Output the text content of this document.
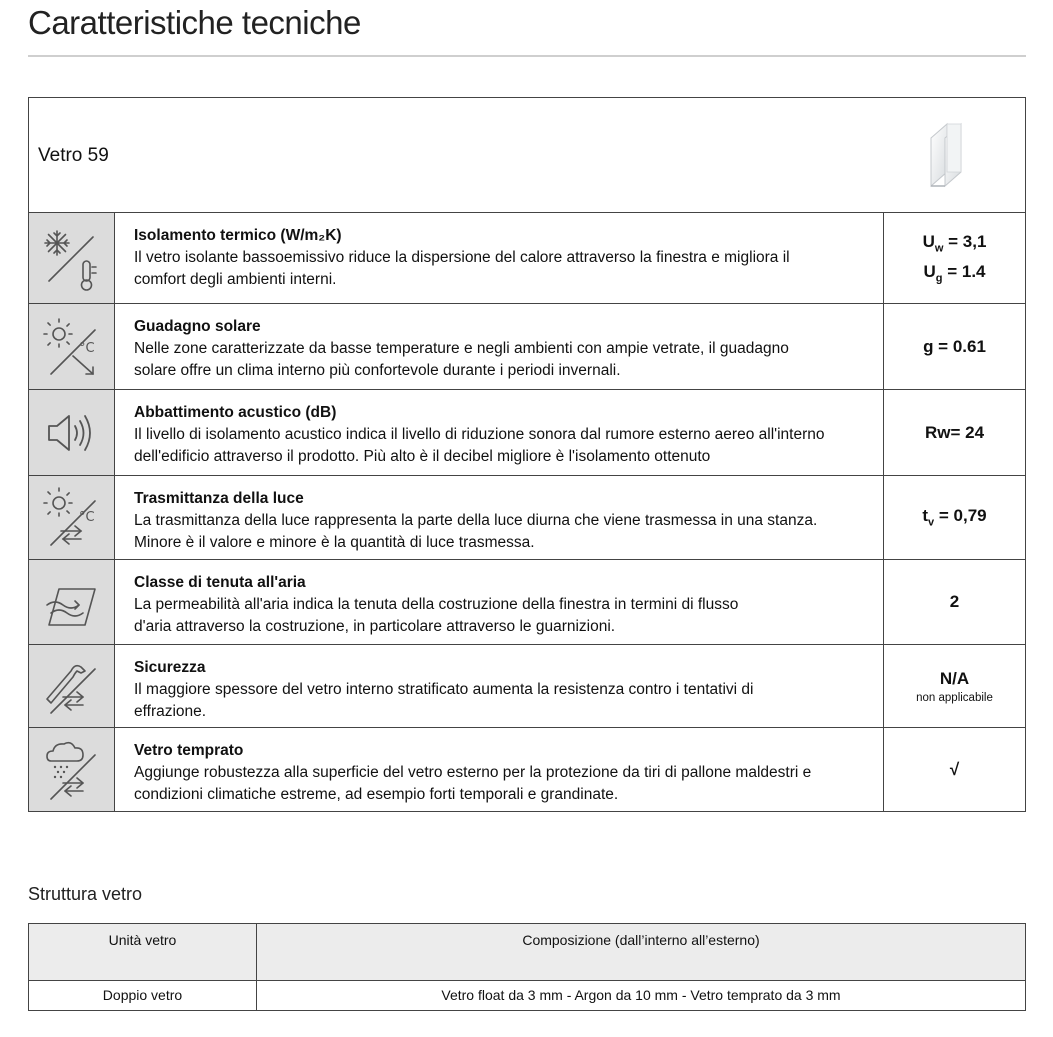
Caratteristiche tecniche
Vetro 59
Isolamento termico (W/m₂K)
Il vetro isolante bassoemissivo riduce la dispersione del calore attraverso la finestra e migliora il
comfort degli ambienti interni.
$U_w = 3,1$
$U_g = 1.4$
°C
Guadagno solare
Nelle zone caratterizzate da basse temperature e negli ambienti con ampie vetrate, il guadagno
solare offre un clima interno più confortevole durante i periodi invernali.
g = 0.61
Abbattimento acustico (dB)
Il livello di isolamento acustico indica il livello di riduzione sonora dal rumore esterno aereo all'interno
dell'edificio attraverso il prodotto. Più alto è il decibel migliore è l'isolamento ottenuto
Rw= 24
°C
Trasmittanza della luce
La trasmittanza della luce rappresenta la parte della luce diurna che viene trasmessa in una stanza.
Minore è il valore e minore è la quantità di luce trasmessa.
$t_v = 0,79$
Classe di tenuta all'aria
La permeabilità all'aria indica la tenuta della costruzione della finestra in termini di flusso
d'aria attraverso la costruzione, in particolare attraverso le guarnizioni.
2
Sicurezza
Il maggiore spessore del vetro interno stratificato aumenta la resistenza contro i tentativi di
effrazione.
N/A
non applicabile
Vetro temprato
Aggiunge robustezza alla superficie del vetro esterno per la protezione da tiri di pallone maldestri e
condizioni climatiche estreme, ad esempio forti temporali e grandinate.
√
Struttura vetro
Unità vetro	Composizione (dall’interno all’esterno)
Doppio vetro	Vetro float da 3 mm - Argon da 10 mm - Vetro temprato da 3 mm
